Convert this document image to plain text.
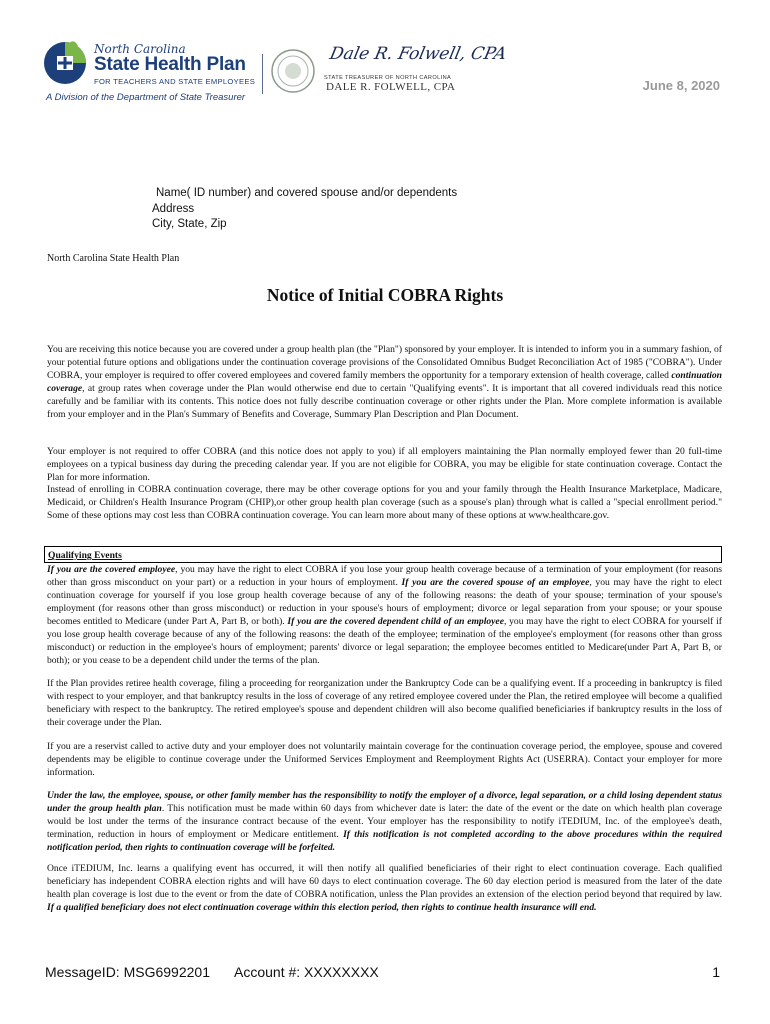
North Carolina
State Health Plan
FOR TEACHERS AND STATE EMPLOYEES
A Division of the Department of State Treasurer
Dale R. Folwell, CPA
STATE TREASURER OF NORTH CAROLINA
DALE R. FOLWELL, CPA	June 8, 2020
Name( ID number) and covered spouse and/or dependents
Address
City, State, Zip
North Carolina State Health Plan
Notice of Initial COBRA Rights
You are receiving this notice because you are covered under a group health plan (the "Plan") sponsored by your employer. It is intended to inform you in a summary fashion, of your potential future options and obligations under the continuation coverage provisions of the Consolidated Omnibus Budget Reconciliation Act of 1985 ("COBRA"). Under COBRA, your employer is required to offer covered employees and covered family members the opportunity for a temporary extension of health coverage, called continuation coverage, at group rates when coverage under the Plan would otherwise end due to certain "Qualifying events". It is important that all covered individuals read this notice carefully and be familiar with its contents. This notice does not fully describe continuation coverage or other rights under the Plan. More complete information is available from your employer and in the Plan's Summary of Benefits and Coverage, Summary Plan Description and Plan Document.
Your employer is not required to offer COBRA (and this notice does not apply to you) if all employers maintaining the Plan normally employed fewer than 20 full-time employees on a typical business day during the preceding calendar year. If you are not eligible for COBRA, you may be eligible for state continuation coverage. Contact the Plan for more information.
Instead of enrolling in COBRA continuation coverage, there may be other coverage options for you and your family through the Health Insurance Marketplace, Madicare, Medicaid, or Children's Health Insurance Program (CHIP),or other group health plan coverage (such as a spouse's plan) through what is called a "special enrollment period." Some of these options may cost less than COBRA continuation coverage. You can learn more about many of these options at www.healthcare.gov.
Qualifying Events
If you are the covered employee, you may have the right to elect COBRA if you lose your group health coverage because of a termination of your employment (for reasons other than gross misconduct on your part) or a reduction in your hours of employment. If you are the covered spouse of an employee, you may have the right to elect continuation coverage for yourself if you lose group health coverage because of any of the following reasons: the death of your spouse; termination of your spouse's employment (for reasons other than gross misconduct) or reduction in your spouse's hours of employment; divorce or legal separation from your spouse; or your spouse becomes entitled to Medicare (under Part A, Part B, or both). If you are the covered dependent child of an employee, you may have the right to elect COBRA for yourself if you lose group health coverage because of any of the following reasons: the death of the employee; termination of the employee's employment (for reasons other than gross misconduct) or reduction in the employee's hours of employment; parents' divorce or legal separation; the employee becomes entitled to Medicare(under Part A, Part B, or both); or you cease to be a dependent child under the terms of the plan.
If the Plan provides retiree health coverage, filing a proceeding for reorganization under the Bankruptcy Code can be a qualifying event. If a proceeding in bankruptcy is filed with respect to your employer, and that bankruptcy results in the loss of coverage of any retired employee covered under the Plan, the retired employee will become a qualified beneficiary with respect to the bankruptcy. The retired employee's spouse and dependent children will also become qualified beneficiaries if bankruptcy results in the loss of their coverage under the Plan.
If you are a reservist called to active duty and your employer does not voluntarily maintain coverage for the continuation coverage period, the employee, spouse and covered dependents may be eligible to continue coverage under the Uniformed Services Employment and Reemployment Rights Act (USERRA). Contact your employer for more information.
Under the law, the employee, spouse, or other family member has the responsibility to notify the employer of a divorce, legal separation, or a child losing dependent status under the group health plan. This notification must be made within 60 days from whichever date is later: the date of the event or the date on which health plan coverage would be lost under the terms of the insurance contract because of the event. Your employer has the responsibility to notify iTEDIUM, Inc. of the employee's death, termination, reduction in hours of employment or Medicare entitlement. If this notification is not completed according to the above procedures within the required notification period, then rights to continuation coverage will be forfeited.
Once iTEDIUM, Inc. learns a qualifying event has occurred, it will then notify all qualified beneficiaries of their right to elect continuation coverage. Each qualified beneficiary has independent COBRA election rights and will have 60 days to elect continuation coverage. The 60 day election period is measured from the later of the date health plan coverage is lost due to the event or from the date of COBRA notification, unless the Plan provides an extension of the election period beyond that required by law. If a qualified beneficiary does not elect continuation coverage within this election period, then rights to continue health insurance will end.
MessageID: MSG6992201 Account #: XXXXXXXX	1
